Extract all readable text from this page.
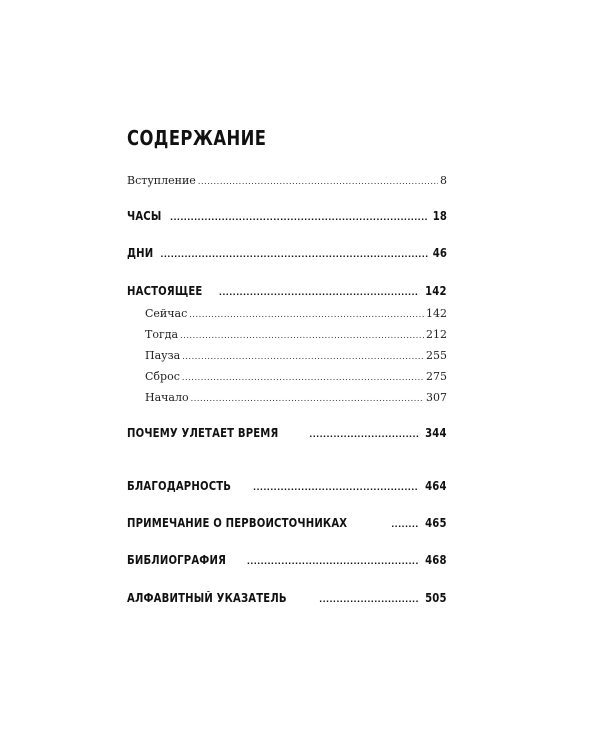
СОДЕРЖАНИЕ
Вступление .....	8
ЧАСЫ .....	18
ДНИ .....	46
НАСТОЯЩЕЕ .....	142
Сейчас .....	142
Тогда .....	212
Пауза .....	255
Сброс .....	275
Начало .....	307
ПОЧЕМУ УЛЕТАЕТ ВРЕМЯ .....	344
БЛАГОДАРНОСТЬ .....	464
ПРИМЕЧАНИЕ О ПЕРВОИСТОЧНИКАХ .....	465
БИБЛИОГРАФИЯ .....	468
АЛФАВИТНЫЙ УКАЗАТЕЛЬ .....	505
